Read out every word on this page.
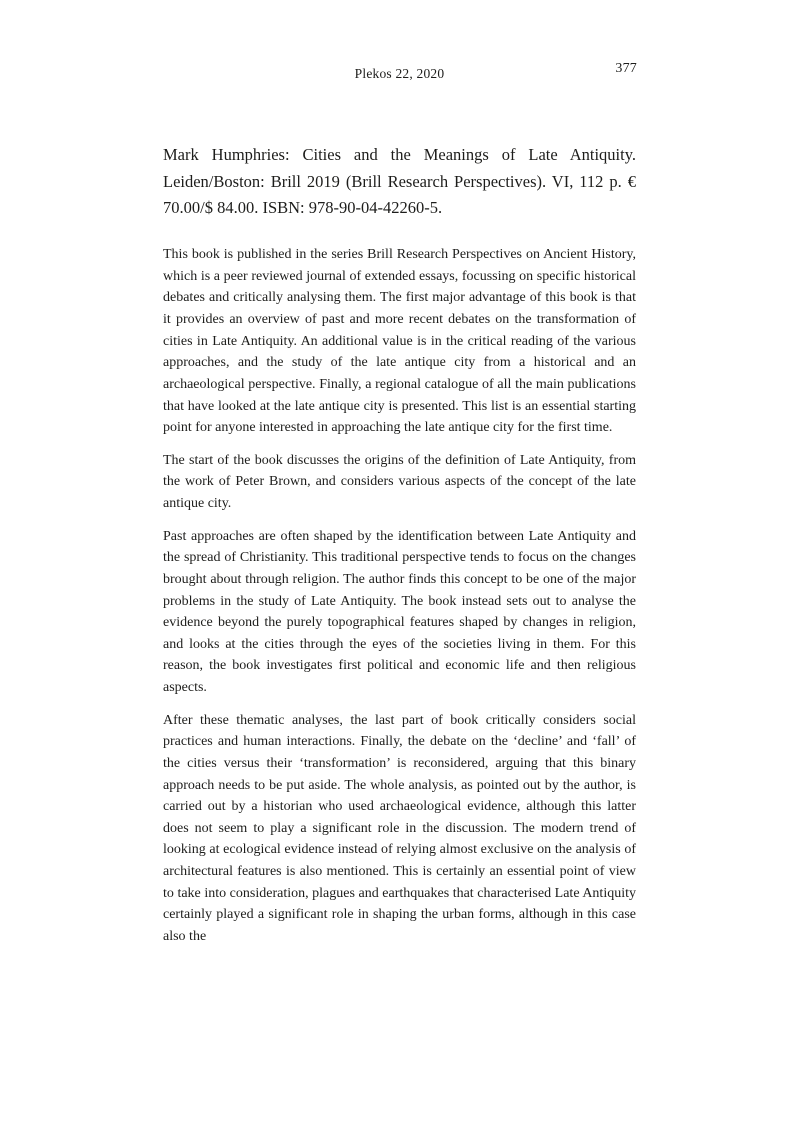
Plekos 22, 2020	377

Mark Humphries: Cities and the Meanings of Late Antiquity. Leiden/Boston: Brill 2019 (Brill Research Perspectives). VI, 112 p. € 70.00/$ 84.00. ISBN: 978-90-04-42260-5.

This book is published in the series Brill Research Perspectives on Ancient History, which is a peer reviewed journal of extended essays, focussing on specific historical debates and critically analysing them. The first major advantage of this book is that it provides an overview of past and more recent debates on the transformation of cities in Late Antiquity. An additional value is in the critical reading of the various approaches, and the study of the late antique city from a historical and an archaeological perspective. Finally, a regional catalogue of all the main publications that have looked at the late antique city is presented. This list is an essential starting point for anyone interested in approaching the late antique city for the first time.

The start of the book discusses the origins of the definition of Late Antiquity, from the work of Peter Brown, and considers various aspects of the concept of the late antique city.

Past approaches are often shaped by the identification between Late Antiquity and the spread of Christianity. This traditional perspective tends to focus on the changes brought about through religion. The author finds this concept to be one of the major problems in the study of Late Antiquity. The book instead sets out to analyse the evidence beyond the purely topographical features shaped by changes in religion, and looks at the cities through the eyes of the societies living in them. For this reason, the book investigates first political and economic life and then religious aspects.

After these thematic analyses, the last part of book critically considers social practices and human interactions. Finally, the debate on the ‘decline’ and ‘fall’ of the cities versus their ‘transformation’ is reconsidered, arguing that this binary approach needs to be put aside. The whole analysis, as pointed out by the author, is carried out by a historian who used archaeological evidence, although this latter does not seem to play a significant role in the discussion. The modern trend of looking at ecological evidence instead of relying almost exclusive on the analysis of architectural features is also mentioned. This is certainly an essential point of view to take into consideration, plagues and earthquakes that characterised Late Antiquity certainly played a significant role in shaping the urban forms, although in this case also the
